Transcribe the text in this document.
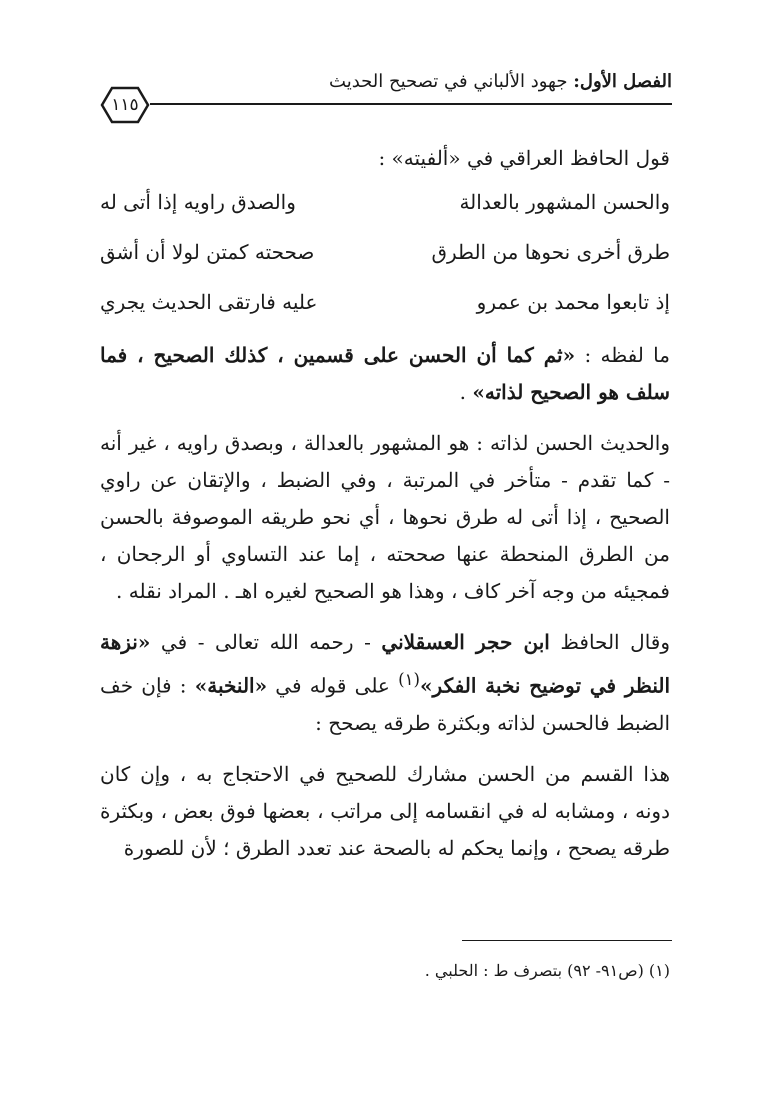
الفصل الأول: جهود الألباني في تصحيح الحديث
١١٥

قول الحافظ العراقي في «ألفيته» :

والحسن المشهور بالعدالة
والصدق راويه إذا أتى له
طرق أخرى نحوها من الطرق
صححته كمتن لولا أن أشق
إذ تابعوا محمد بن عمرو
عليه فارتقى الحديث يجري

ما لفظه : «ثم كما أن الحسن على قسمين ، كذلك الصحيح ، فما سلف هو الصحيح لذاته» .

والحديث الحسن لذاته : هو المشهور بالعدالة ، وبصدق راويه ، غير أنه - كما تقدم - متأخر في المرتبة ، وفي الضبط ، والإتقان عن راوي الصحيح ، إذا أتى له طرق نحوها ، أي نحو طريقه الموصوفة بالحسن من الطرق المنحطة عنها صححته ، إما عند التساوي أو الرجحان ، فمجيئه من وجه آخر كاف ، وهذا هو الصحيح لغيره اهـ . المراد نقله .

وقال الحافظ ابن حجر العسقلاني - رحمه الله تعالى - في «نزهة النظر في توضيح نخبة الفكر»$^{(١)}$ على قوله في «النخبة» : فإن خف الضبط فالحسن لذاته وبكثرة طرقه يصحح :

هذا القسم من الحسن مشارك للصحيح في الاحتجاج به ، وإن كان دونه ، ومشابه له في انقسامه إلى مراتب ، بعضها فوق بعض ، وبكثرة طرقه يصحح ، وإنما يحكم له بالصحة عند تعدد الطرق ؛ لأن للصورة

(١) (ص٩١- ٩٢) بتصرف ط : الحلبي .
